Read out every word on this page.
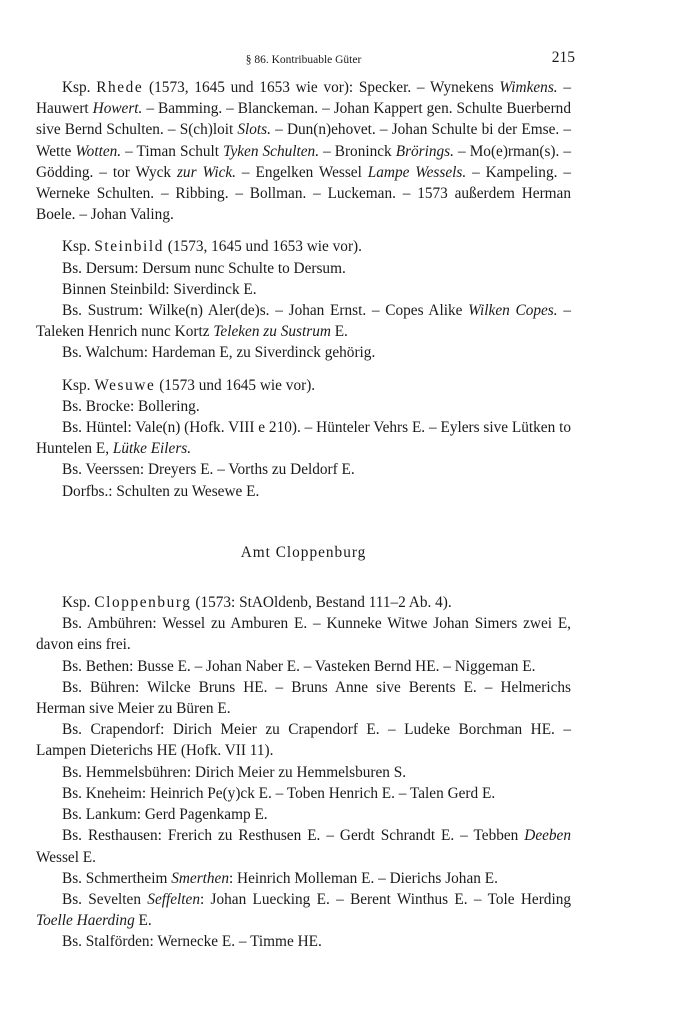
§ 86. Kontribuable Güter	215

Ksp. Rhede (1573, 1645 und 1653 wie vor): Specker. – Wynekens Wimkens. – Hauwert Howert. – Bamming. – Blanckeman. – Johan Kappert gen. Schulte Buerbernd sive Bernd Schulten. – S(ch)loit Slots. – Dun(n)ehovet. – Johan Schulte bi der Emse. – Wette Wotten. – Timan Schult Tyken Schulten. – Broninck Brörings. – Mo(e)rman(s). – Gödding. – tor Wyck zur Wick. – Engelken Wessel Lampe Wessels. – Kampeling. – Werneke Schulten. – Ribbing. – Bollman. – Luckeman. – 1573 außerdem Herman Boele. – Johan Valing.

Ksp. Steinbild (1573, 1645 und 1653 wie vor).

Bs. Dersum: Dersum nunc Schulte to Dersum.

Binnen Steinbild: Siverdinck E.

Bs. Sustrum: Wilke(n) Aler(de)s. – Johan Ernst. – Copes Alike Wilken Copes. – Taleken Henrich nunc Kortz Teleken zu Sustrum E.

Bs. Walchum: Hardeman E, zu Siverdinck gehörig.

Ksp. Wesuwe (1573 und 1645 wie vor).

Bs. Brocke: Bollering.

Bs. Hüntel: Vale(n) (Hofk. VIII e 210). – Hünteler Vehrs E. – Eylers sive Lütken to Huntelen E, Lütke Eilers.

Bs. Veerssen: Dreyers E. – Vorths zu Deldorf E.

Dorfbs.: Schulten zu Wesewe E.

Amt Cloppenburg

Ksp. Cloppenburg (1573: StAOldenb, Bestand 111–2 Ab. 4).

Bs. Ambühren: Wessel zu Amburen E. – Kunneke Witwe Johan Simers zwei E, davon eins frei.

Bs. Bethen: Busse E. – Johan Naber E. – Vasteken Bernd HE. – Niggeman E.

Bs. Bühren: Wilcke Bruns HE. – Bruns Anne sive Berents E. – Helmerichs Herman sive Meier zu Büren E.

Bs. Crapendorf: Dirich Meier zu Crapendorf E. – Ludeke Borchman HE. – Lampen Dieterichs HE (Hofk. VII 11).

Bs. Hemmelsbühren: Dirich Meier zu Hemmelsburen S.

Bs. Kneheim: Heinrich Pe(y)ck E. – Toben Henrich E. – Talen Gerd E.

Bs. Lankum: Gerd Pagenkamp E.

Bs. Resthausen: Frerich zu Resthusen E. – Gerdt Schrandt E. – Tebben Deeben Wessel E.

Bs. Schmertheim Smerthen: Heinrich Molleman E. – Dierichs Johan E.

Bs. Sevelten Seffelten: Johan Luecking E. – Berent Winthus E. – Tole Herding Toelle Haerding E.

Bs. Stalförden: Wernecke E. – Timme HE.
